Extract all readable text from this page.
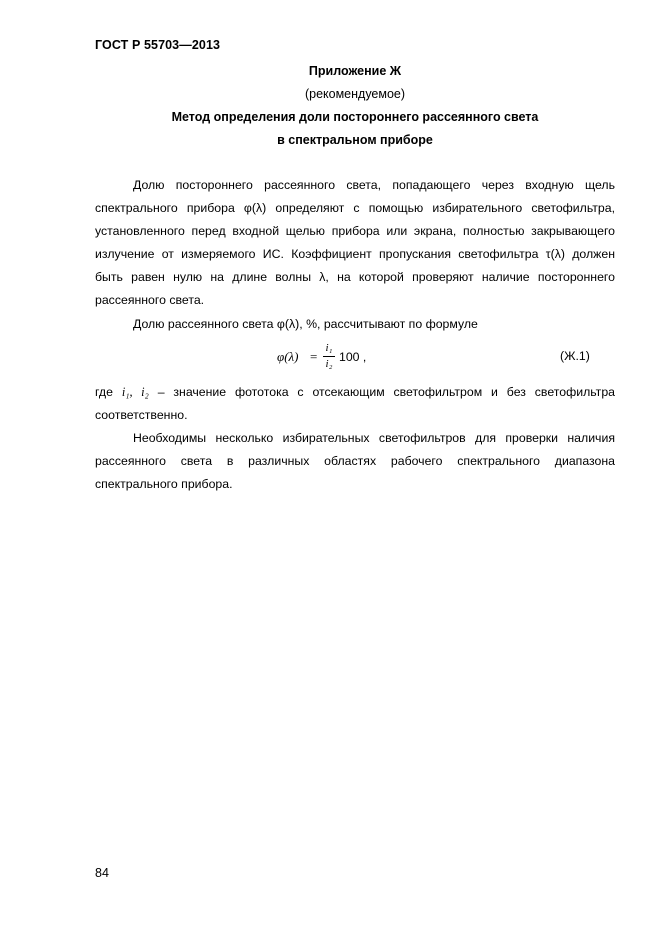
ГОСТ Р 55703—2013
Приложение Ж
(рекомендуемое)
Метод определения доли постороннего рассеянного света
в спектральном приборе
Долю постороннего рассеянного света, попадающего через входную щель спектрального прибора φ(λ) определяют с помощью избирательного светофильтра, установленного перед входной щелью прибора или экрана, полностью закрывающего излучение от измеряемого ИС. Коэффициент пропускания светофильтра τ(λ) должен быть равен нулю на длине волны λ, на которой проверяют наличие постороннего рассеянного света.
Долю рассеянного света φ(λ), %, рассчитывают по формуле
φ(λ) =
i₁
i₂ 100 ,	(Ж.1)
где i₁, i₂ – значение фототока с отсекающим светофильтром и без светофильтра соответственно.
Необходимы несколько избирательных светофильтров для проверки наличия рассеянного света в различных областях рабочего спектрального диапазона спектрального прибора.
84
